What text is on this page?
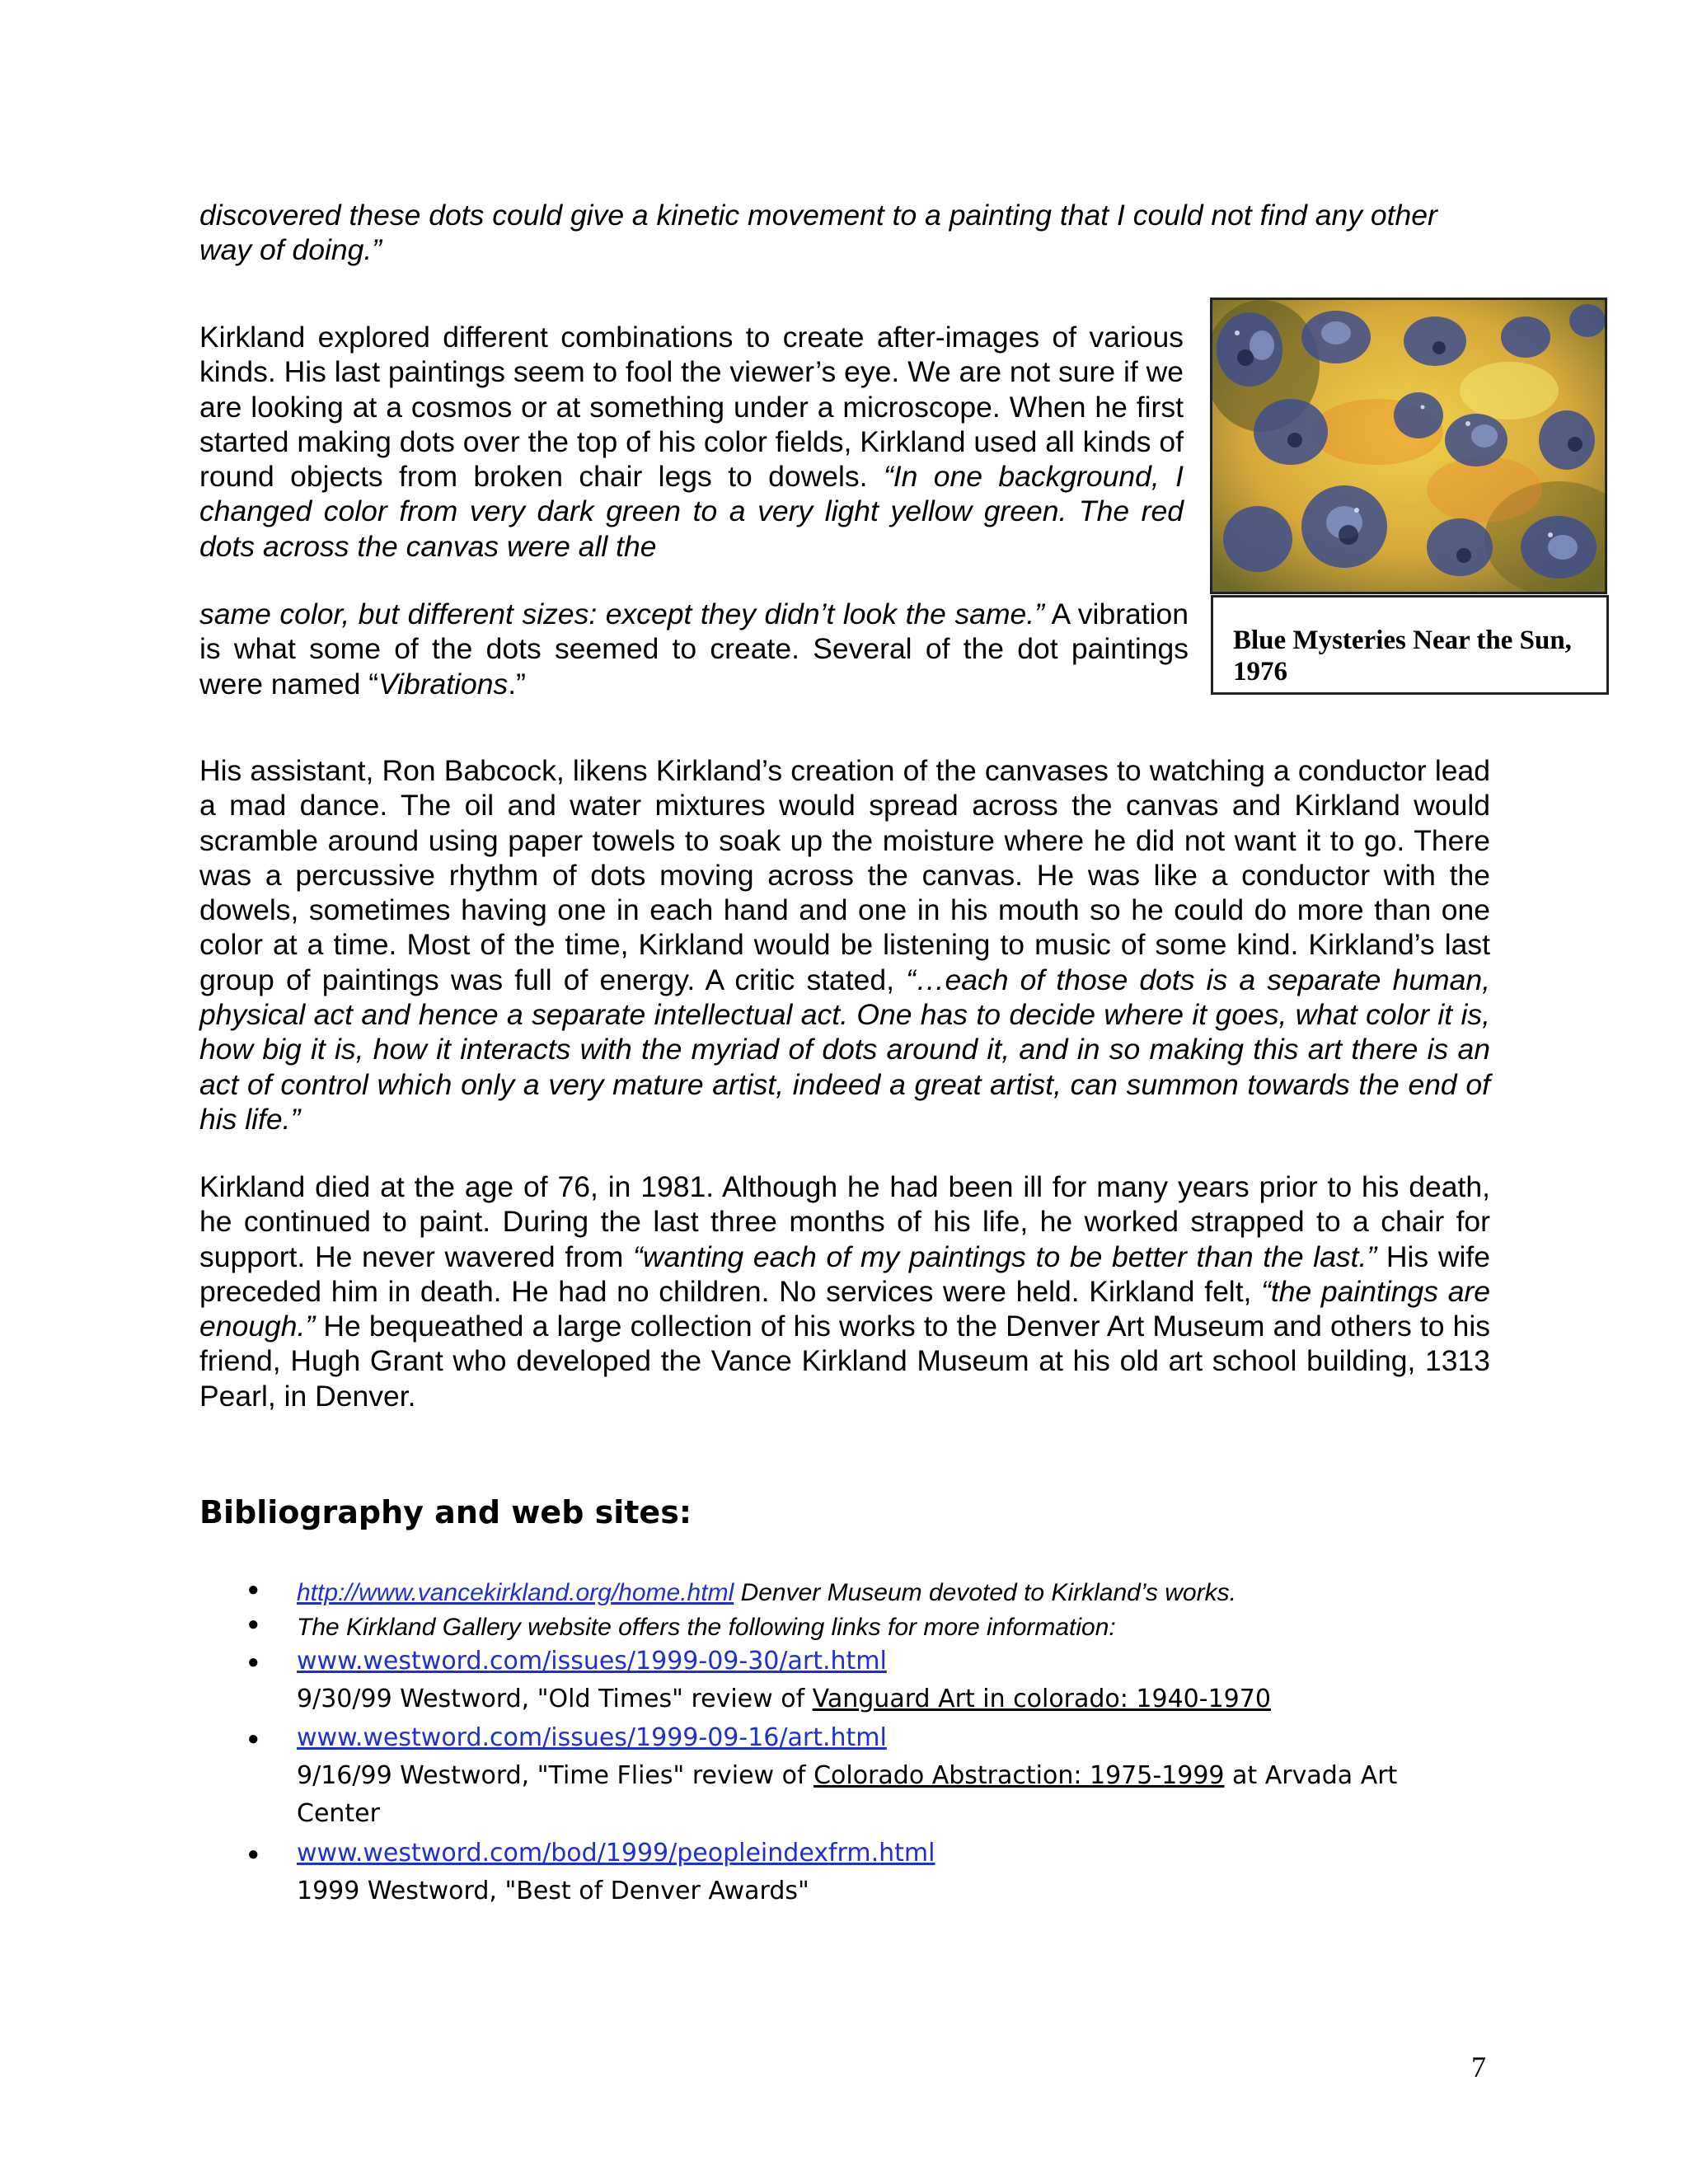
discovered these dots could give a kinetic movement to a painting that I could not find any other way of doing.”

Kirkland explored different combinations to create after-images of various kinds. His last paintings seem to fool the viewer’s eye. We are not sure if we are looking at a cosmos or at something under a microscope. When he first started making dots over the top of his color fields, Kirkland used all kinds of round objects from broken chair legs to dowels. “In one background, I changed color from very dark green to a very light yellow green. The red dots across the canvas were all the

same color, but different sizes: except they didn’t look the same.” A vibration is what some of the dots seemed to create. Several of the dot paintings were named “Vibrations.”

Blue Mysteries Near the Sun, 1976

His assistant, Ron Babcock, likens Kirkland’s creation of the canvases to watching a conductor lead a mad dance. The oil and water mixtures would spread across the canvas and Kirkland would scramble around using paper towels to soak up the moisture where he did not want it to go. There was a percussive rhythm of dots moving across the canvas. He was like a conductor with the dowels, sometimes having one in each hand and one in his mouth so he could do more than one color at a time. Most of the time, Kirkland would be listening to music of some kind. Kirkland’s last group of paintings was full of energy. A critic stated, “…each of those dots is a separate human, physical act and hence a separate intellectual act. One has to decide where it goes, what color it is, how big it is, how it interacts with the myriad of dots around it, and in so making this art there is an act of control which only a very mature artist, indeed a great artist, can summon towards the end of his life.”

Kirkland died at the age of 76, in 1981. Although he had been ill for many years prior to his death, he continued to paint. During the last three months of his life, he worked strapped to a chair for support. He never wavered from “wanting each of my paintings to be better than the last.” His wife preceded him in death. He had no children. No services were held. Kirkland felt, “the paintings are enough.” He bequeathed a large collection of his works to the Denver Art Museum and others to his friend, Hugh Grant who developed the Vance Kirkland Museum at his old art school building, 1313 Pearl, in Denver.

Bibliography and web sites:
● http://www.vancekirkland.org/home.html Denver Museum devoted to Kirkland’s works.
● The Kirkland Gallery website offers the following links for more information:
● www.westword.com/issues/1999-09-30/art.html
9/30/99 Westword, "Old Times" review of Vanguard Art in colorado: 1940-1970
● www.westword.com/issues/1999-09-16/art.html
9/16/99 Westword, "Time Flies" review of Colorado Abstraction: 1975-1999 at Arvada Art
Center
● www.westword.com/bod/1999/peopleindexfrm.html
1999 Westword, "Best of Denver Awards"
7
